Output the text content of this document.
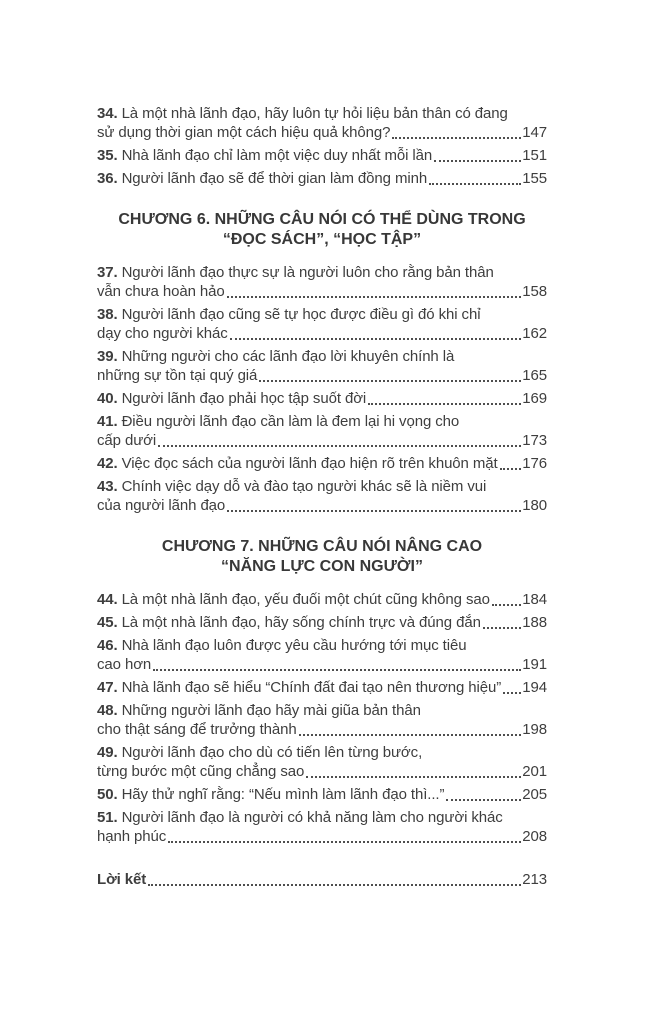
34. Là một nhà lãnh đạo, hãy luôn tự hỏi liệu bản thân có đang
sử dụng thời gian một cách hiệu quả không?	147
35. Nhà lãnh đạo chỉ làm một việc duy nhất mỗi lần	151
36. Người lãnh đạo sẽ để thời gian làm đồng minh	155
CHƯƠNG 6. NHỮNG CÂU NÓI CÓ THỂ DÙNG TRONG
“ĐỌC SÁCH”, “HỌC TẬP”
37. Người lãnh đạo thực sự là người luôn cho rằng bản thân
vẫn chưa hoàn hảo	158
38. Người lãnh đạo cũng sẽ tự học được điều gì đó khi chỉ
dạy cho người khác	162
39. Những người cho các lãnh đạo lời khuyên chính là
những sự tồn tại quý giá	165
40. Người lãnh đạo phải học tập suốt đời	169
41. Điều người lãnh đạo cần làm là đem lại hi vọng cho
cấp dưới	173
42. Việc đọc sách của người lãnh đạo hiện rõ trên khuôn mặt 176
43. Chính việc dạy dỗ và đào tạo người khác sẽ là niềm vui
của người lãnh đạo	180
CHƯƠNG 7. NHỮNG CÂU NÓI NÂNG CAO
“NĂNG LỰC CON NGƯỜI”
44. Là một nhà lãnh đạo, yếu đuối một chút cũng không sao 184
45. Là một nhà lãnh đạo, hãy sống chính trực và đúng đắn	188
46. Nhà lãnh đạo luôn được yêu cầu hướng tới mục tiêu
cao hơn	191
47. Nhà lãnh đạo sẽ hiểu “Chính đất đai tạo nên thương hiệu” 194
48. Những người lãnh đạo hãy mài giũa bản thân
cho thật sáng để trưởng thành	198
49. Người lãnh đạo cho dù có tiến lên từng bước,
từng bước một cũng chẳng sao	201
50. Hãy thử nghĩ rằng: “Nếu mình làm lãnh đạo thì...”	205
51. Người lãnh đạo là người có khả năng làm cho người khác
hạnh phúc	208
Lời kết	213
